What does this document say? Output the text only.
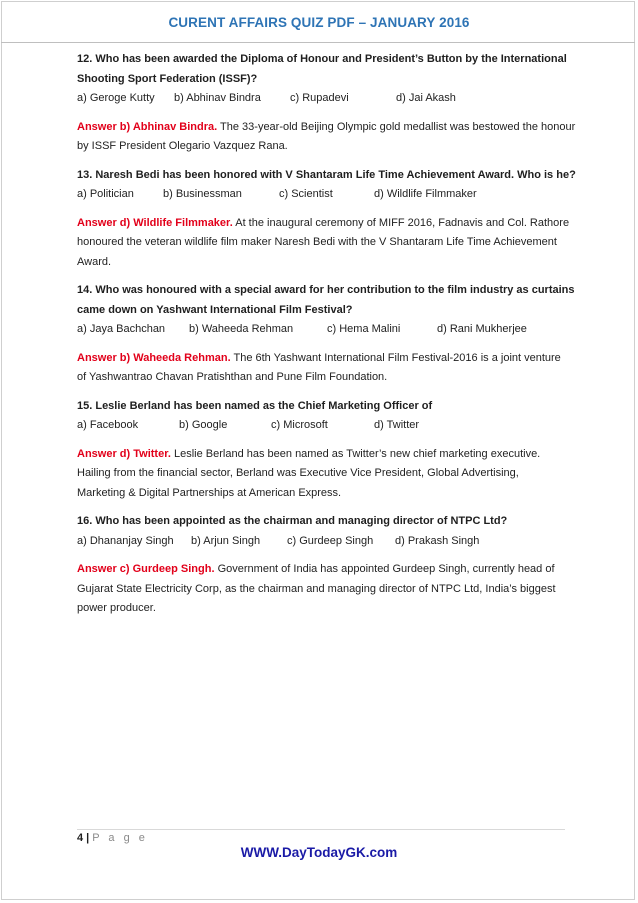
CURENT AFFAIRS QUIZ PDF – JANUARY 2016
12. Who has been awarded the Diploma of Honour and President’s Button by the International
Shooting Sport Federation (ISSF)?
a) Geroge Kutty	b) Abhinav Bindra	c) Rupadevi	d) Jai Akash
Answer b) Abhinav Bindra. The 33-year-old Beijing Olympic gold medallist was bestowed the honour
by ISSF President Olegario Vazquez Rana.
13. Naresh Bedi has been honored with V Shantaram Life Time Achievement Award. Who is he?
a) Politician	b) Businessman	c) Scientist	d) Wildlife Filmmaker
Answer d) Wildlife Filmmaker. At the inaugural ceremony of MIFF 2016, Fadnavis and Col. Rathore
honoured the veteran wildlife film maker Naresh Bedi with the V Shantaram Life Time Achievement
Award.
14. Who was honoured with a special award for her contribution to the film industry as curtains
came down on Yashwant International Film Festival?
a) Jaya Bachchan	b) Waheeda Rehman	c) Hema Malini	d) Rani Mukherjee
Answer b) Waheeda Rehman. The 6th Yashwant International Film Festival-2016 is a joint venture
of Yashwantrao Chavan Pratishthan and Pune Film Foundation.
15. Leslie Berland has been named as the Chief Marketing Officer of
a) Facebook	b) Google	c) Microsoft	d) Twitter
Answer d) Twitter. Leslie Berland has been named as Twitter’s new chief marketing executive.
Hailing from the financial sector, Berland was Executive Vice President, Global Advertising,
Marketing & Digital Partnerships at American Express.
16. Who has been appointed as the chairman and managing director of NTPC Ltd?
a) Dhananjay Singh	b) Arjun Singh	c) Gurdeep Singh	d) Prakash Singh
Answer c) Gurdeep Singh. Government of India has appointed Gurdeep Singh, currently head of
Gujarat State Electricity Corp, as the chairman and managing director of NTPC Ltd, India’s biggest
power producer.
4 | P a g e
WWW.DayTodayGK.com
